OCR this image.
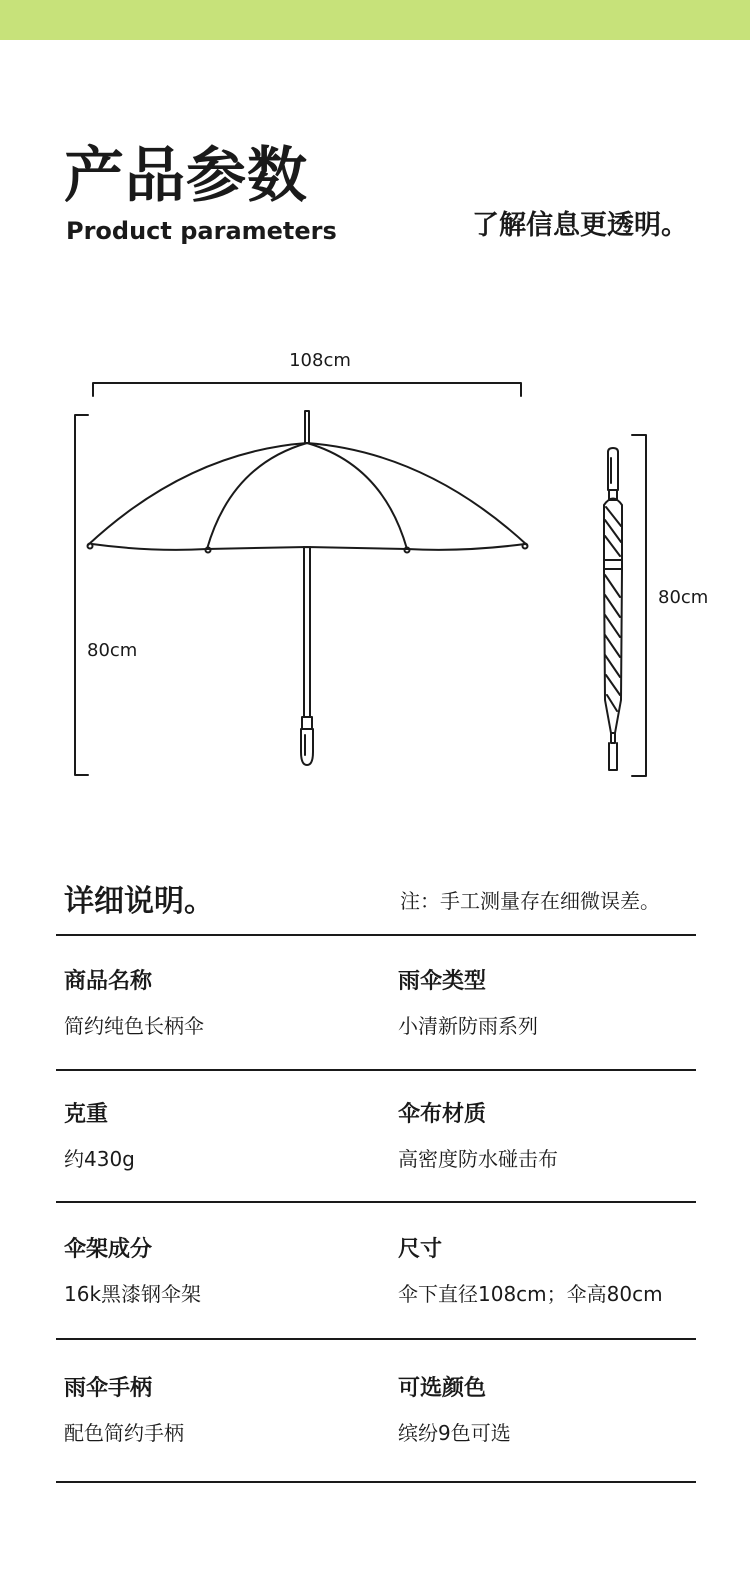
产品参数
Product parameters	了解信息更透明。
108cm
80cm
80cm
详细说明。	注：手工测量存在细微误差。
商品名称
简约纯色长柄伞
雨伞类型
小清新防雨系列
克重
约430g
伞布材质
高密度防水碰击布
伞架成分
16k黑漆钢伞架
尺寸
伞下直径108cm；伞高80cm
雨伞手柄
配色简约手柄
可选颜色
缤纷9色可选
